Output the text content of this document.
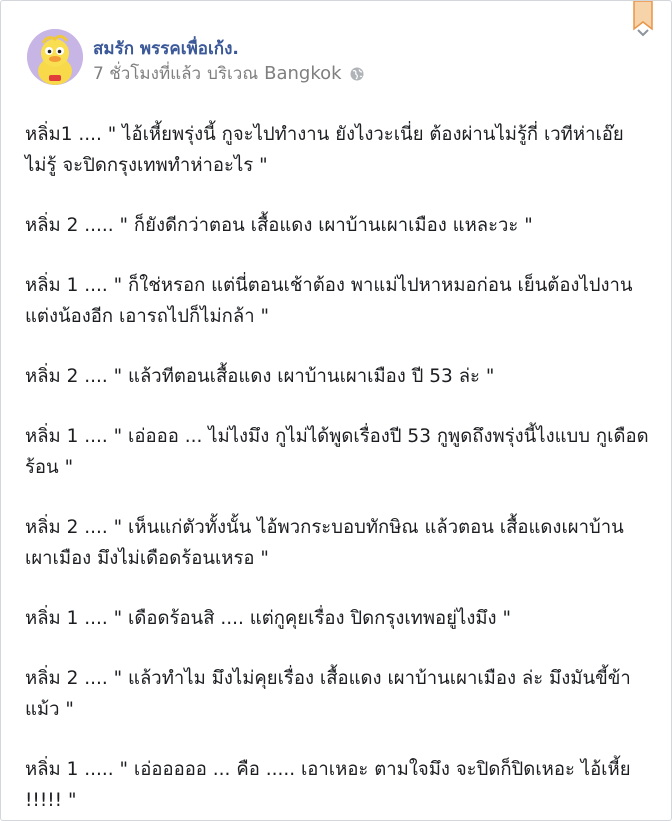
สมรัก พรรคเพื่อเก้ง.
7 ชั่วโมงที่แล้ว บริเวณ Bangkok

หลิ่ม1 .... " ไอ้เหี้ยพรุ่งนี้ กูจะไปทำงาน ยังไงวะเนี่ย ต้องผ่านไม่รู้กี่ เวทีห่าเอ๊ย ไม่รู้ จะปิดกรุงเทพทำห่าอะไร "

หลิ่ม 2 ..... " ก็ยังดีกว่าตอน เสื้อแดง เผาบ้านเผาเมือง แหละวะ "

หลิ่ม 1 .... " ก็ใช่หรอก แต่นี่ตอนเช้าต้อง พาแม่ไปหาหมอก่อน เย็นต้องไปงานแต่งน้องอีก เอารถไปก็ไม่กล้า "

หลิ่ม 2 .... " แล้วทีตอนเสื้อแดง เผาบ้านเผาเมือง ปี 53 ล่ะ "

หลิ่ม 1 .... " เอ่อออ ... ไม่ไงมึง กูไม่ได้พูดเรื่องปี 53 กูพูดถึงพรุ่งนี้ไงแบบ กูเดือดร้อน "

หลิ่ม 2 .... " เห็นแก่ตัวทั้งนั้น ไอ้พวกระบอบทักษิณ แล้วตอน เสื้อแดงเผาบ้านเผาเมือง มึงไม่เดือดร้อนเหรอ "

หลิ่ม 1 .... " เดือดร้อนสิ .... แต่กูคุยเรื่อง ปิดกรุงเทพอยู่ไงมึง "

หลิ่ม 2 .... " แล้วทำไม มึงไม่คุยเรื่อง เสื้อแดง เผาบ้านเผาเมือง ล่ะ มึงมันขี้ข้าแม้ว "

หลิ่ม 1 ..... " เอ่อออออ ... คือ ..... เอาเหอะ ตามใจมึง จะปิดก็ปิดเหอะ ไอ้เหี้ย !!!!! "
